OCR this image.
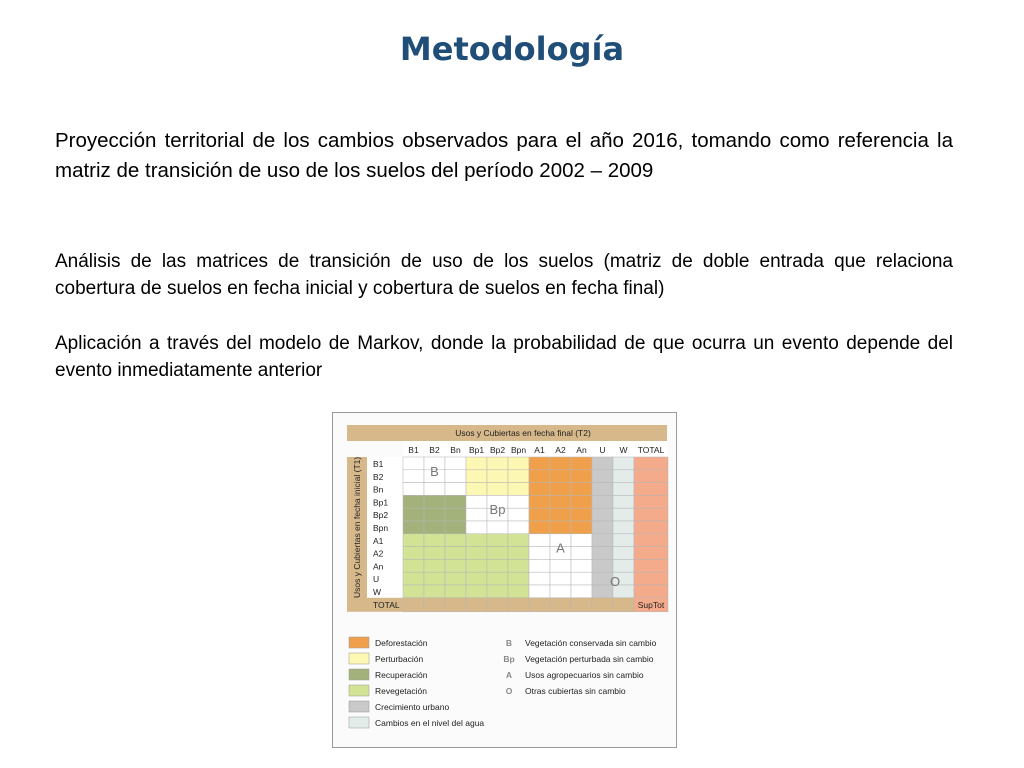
Metodología
Proyección territorial de los cambios observados para el año 2016, tomando como referencia la matriz de transición de uso de los suelos del período 2002 – 2009
Análisis de las matrices de transición de uso de los suelos (matriz de doble entrada que relaciona cobertura de suelos en fecha inicial y cobertura de suelos en fecha final)
Aplicación a través del modelo de Markov, donde la probabilidad de que ocurra un evento depende del evento inmediatamente anterior
Usos y Cubiertas en fecha final (T2)
Usos y Cubiertas en fecha inicial (T1)
SupTot
B1 B2 Bn Bp1 Bp2 Bpn A1 A2 An U W TOTAL
B1
B2
Bn
Bp1
Bp2
Bpn
A1
A2
An
U
W
TOTAL
B
Bp
A
O
Deforestación
Perturbación
Recuperación
Revegetación
Crecimiento urbano
Cambios en el nivel del agua
B Vegetación conservada sin cambio
Bp Vegetación perturbada sin cambio
A Usos agropecuarios sin cambio
O Otras cubiertas sin cambio
